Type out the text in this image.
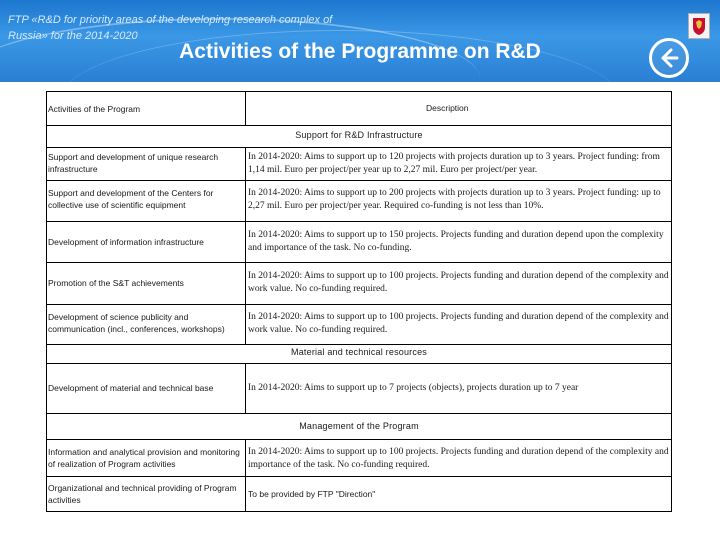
FTP «R&D for priority areas of the developing research complex of Russia» for the 2014-2020
Activities of the Programme on R&D
Activities of the Program	Description
Support for R&D Infrastructure
Support and development of unique research infrastructure
In 2014-2020: Aims to support up to 120 projects with projects duration up to 3 years. Project funding: from 1,14 mil. Euro per project/per year up to 2,27 mil. Euro per project/per year.
Support and development of the Centers for collective use of scientific equipment
In 2014-2020: Aims to support up to 200 projects with projects duration up to 3 years. Project funding: up to 2,27 mil. Euro per project/per year. Required co-funding is not less than 10%.
Development of information infrastructure
In 2014-2020: Aims to support up to 150 projects. Projects funding and duration depend upon the complexity and importance of the task. No co-funding.
Promotion of the S&T achievements
In 2014-2020: Aims to support up to 100 projects. Projects funding and duration depend of the complexity and work value. No co-funding required.
Development of science publicity and communication (incl., conferences, workshops)
In 2014-2020: Aims to support up to 100 projects. Projects funding and duration depend of the complexity and work value. No co-funding required.
Material and technical resources
Development of material and technical base	In 2014-2020: Aims to support up to 7 projects (objects), projects duration up to 7 year
Management of the Program
Information and analytical provision and monitoring of realization of Program activities
In 2014-2020: Aims to support up to 100 projects. Projects funding and duration depend of the complexity and importance of the task. No co-funding required.
Organizational and technical providing of Program activities
To be provided by FTP "Direction"
